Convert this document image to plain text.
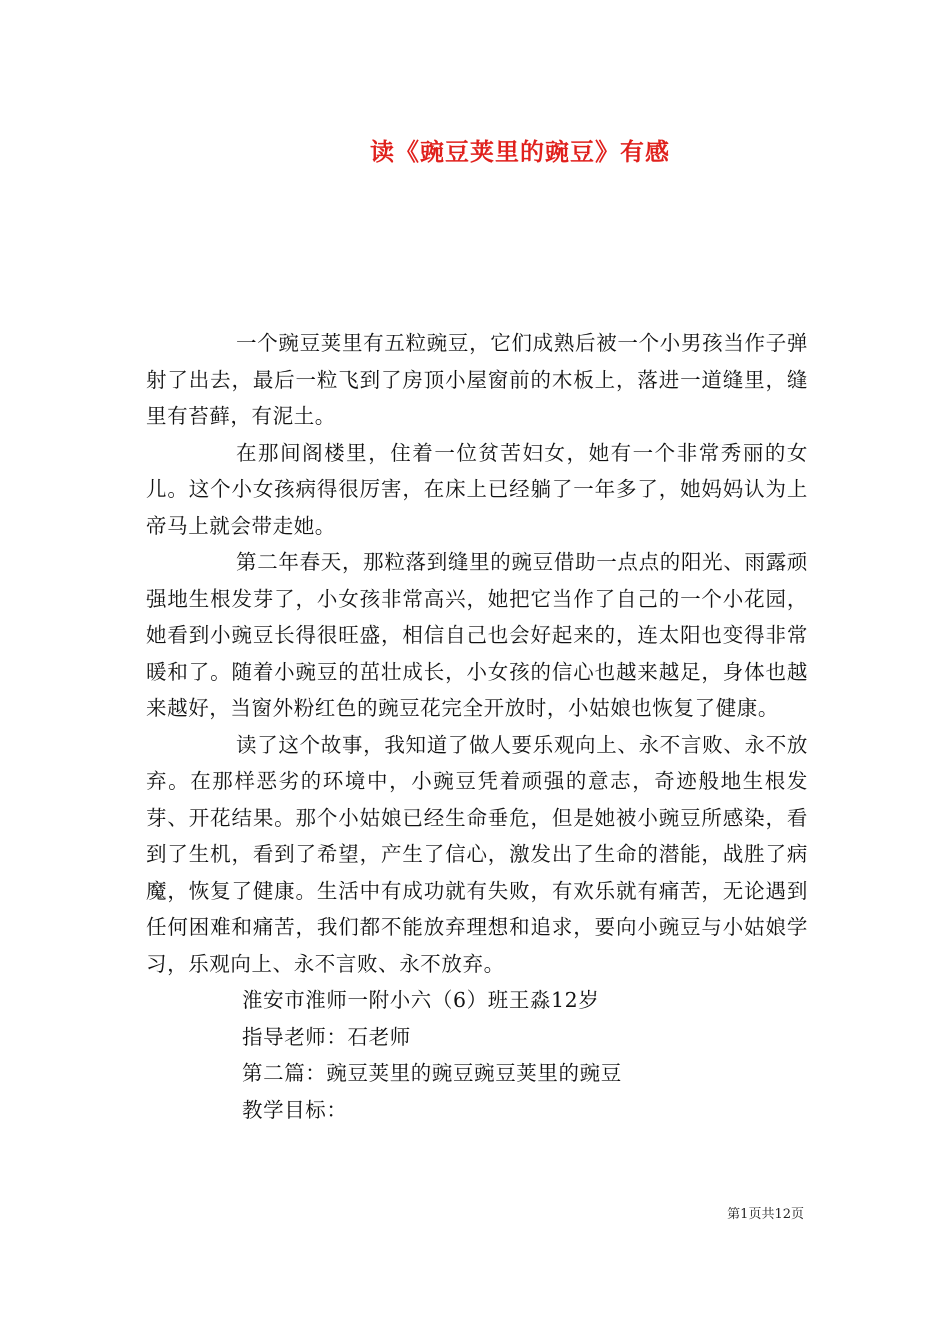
读《豌豆荚里的豌豆》有感

一个豌豆荚里有五粒豌豆，它们成熟后被一个小男孩当作子弹射了出去，最后一粒飞到了房顶小屋窗前的木板上，落进一道缝里，缝里有苔藓，有泥土。

在那间阁楼里，住着一位贫苦妇女，她有一个非常秀丽的女儿。这个小女孩病得很厉害，在床上已经躺了一年多了，她妈妈认为上帝马上就会带走她。

第二年春天，那粒落到缝里的豌豆借助一点点的阳光、雨露顽强地生根发芽了，小女孩非常高兴，她把它当作了自己的一个小花园，她看到小豌豆长得很旺盛，相信自己也会好起来的，连太阳也变得非常暖和了。随着小豌豆的茁壮成长，小女孩的信心也越来越足，身体也越来越好，当窗外粉红色的豌豆花完全开放时，小姑娘也恢复了健康。

读了这个故事，我知道了做人要乐观向上、永不言败、永不放弃。在那样恶劣的环境中，小豌豆凭着顽强的意志，奇迹般地生根发芽、开花结果。那个小姑娘已经生命垂危，但是她被小豌豆所感染，看到了生机，看到了希望，产生了信心，激发出了生命的潜能，战胜了病魔，恢复了健康。生活中有成功就有失败，有欢乐就有痛苦，无论遇到任何困难和痛苦，我们都不能放弃理想和追求，要向小豌豆与小姑娘学习，乐观向上、永不言败、永不放弃。

淮安市淮师一附小六（6）班王淼12岁

指导老师：石老师

第二篇：豌豆荚里的豌豆豌豆荚里的豌豆

教学目标：

第1页共12页
